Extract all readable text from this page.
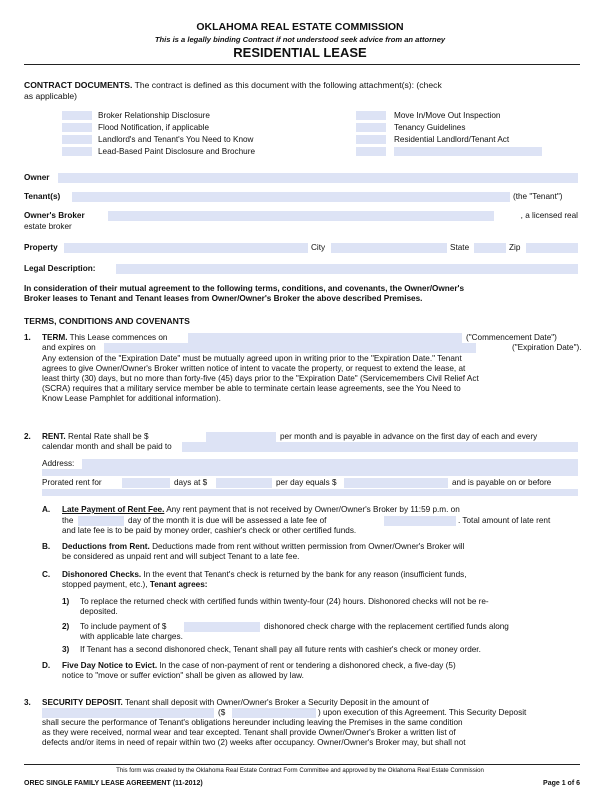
OKLAHOMA REAL ESTATE COMMISSION
This is a legally binding Contract if not understood seek advice from an attorney
RESIDENTIAL LEASE
CONTRACT DOCUMENTS. The contract is defined as this document with the following attachment(s): (check
as applicable)
Broker Relationship Disclosure
Flood Notification, if applicable
Landlord's and Tenant's You Need to Know
Lead-Based Paint Disclosure and Brochure
Move In/Move Out Inspection
Tenancy Guidelines
Residential Landlord/Tenant Act
Owner
Tenant(s)	(the "Tenant")
Owner's Broker	, a licensed real
estate broker
Property	City	State	Zip
Legal Description:
In consideration of their mutual agreement to the following terms, conditions, and covenants, the Owner/Owner's
Broker leases to Tenant and Tenant leases from Owner/Owner's Broker the above described Premises.
TERMS, CONDITIONS AND COVENANTS
1. TERM. This Lease commences on	("Commencement Date")
and expires on	("Expiration Date").
Any extension of the "Expiration Date" must be mutually agreed upon in writing prior to the "Expiration Date." Tenant
agrees to give Owner/Owner's Broker written notice of intent to vacate the property, or request to extend the lease, at
least thirty (30) days, but no more than forty-five (45) days prior to the "Expiration Date" (Servicemembers Civil Relief Act
(SCRA) requires that a military service member be able to terminate certain lease agreements, see the You Need to
Know Lease Pamphlet for additional information).
2. RENT. Rental Rate shall be $	per month and is payable in advance on the first day of each and every
calendar month and shall be paid to
Address:
Prorated rent for	days at $	per day equals $	and is payable on or before
A. Late Payment of Rent Fee. Any rent payment that is not received by Owner/Owner's Broker by 11:59 p.m. on
the	day of the month it is due will be assessed a late fee of	. Total amount of late rent
and late fee is to be paid by money order, cashier's check or other certified funds.
B. Deductions from Rent. Deductions made from rent without written permission from Owner/Owner's Broker will
be considered as unpaid rent and will subject Tenant to a late fee.
C. Dishonored Checks. In the event that Tenant's check is returned by the bank for any reason (insufficient funds,
stopped payment, etc.), Tenant agrees:
1) To replace the returned check with certified funds within twenty-four (24) hours. Dishonored checks will not be re-
deposited.
2) To include payment of $	dishonored check charge with the replacement certified funds along
with applicable late charges.
3) If Tenant has a second dishonored check, Tenant shall pay all future rents with cashier's check or money order.
D. Five Day Notice to Evict. In the case of non-payment of rent or tendering a dishonored check, a five-day (5)
notice to "move or suffer eviction" shall be given as allowed by law.
3. SECURITY DEPOSIT. Tenant shall deposit with Owner/Owner's Broker a Security Deposit in the amount of
($	) upon execution of this Agreement. This Security Deposit
shall secure the performance of Tenant's obligations hereunder including leaving the Premises in the same condition
as they were received, normal wear and tear excepted. Tenant shall provide Owner/Owner's Broker a written list of
defects and/or items in need of repair within two (2) weeks after occupancy. Owner/Owner's Broker may, but shall not
This form was created by the Oklahoma Real Estate Contract Form Committee and approved by the Oklahoma Real Estate Commission
OREC SINGLE FAMILY LEASE AGREEMENT (11-2012)	Page 1 of 6
